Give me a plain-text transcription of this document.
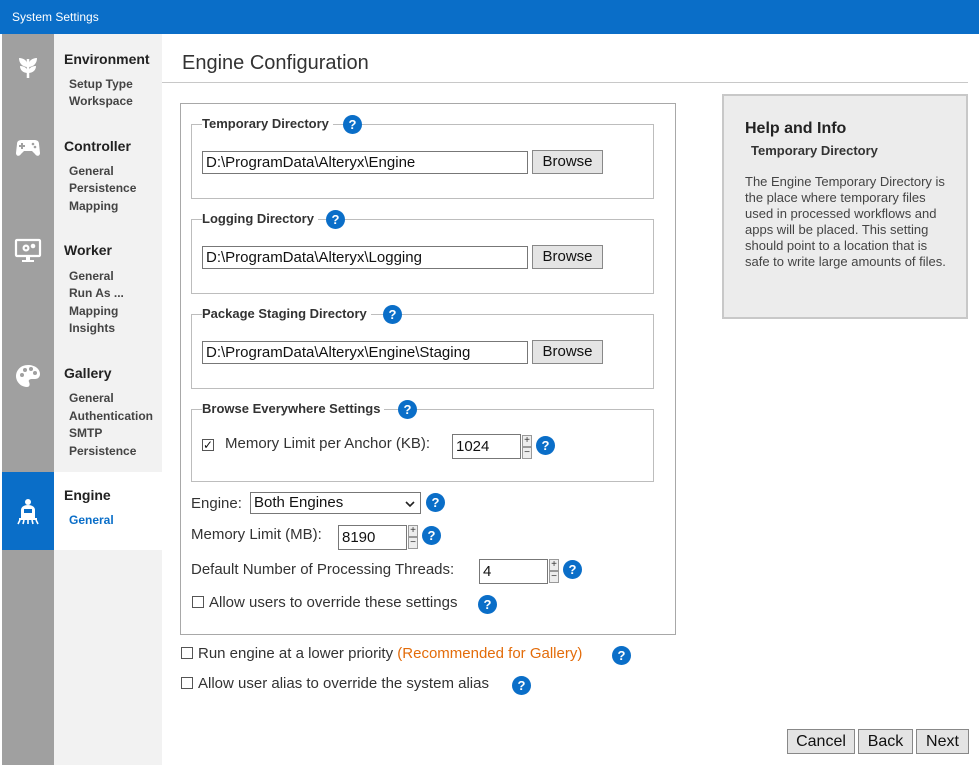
System Settings
Environment
Setup Type
Workspace
Controller
General
Persistence
Mapping
Worker
General
Run As ...
Mapping
Insights
Gallery
General
Authentication
SMTP
Persistence
Engine
General
Engine Configuration
Temporary Directory	?
D:\ProgramData\Alteryx\Engine	Browse
Logging Directory	?
D:\ProgramData\Alteryx\Logging	Browse
Package Staging Directory	?
D:\ProgramData\Alteryx\Engine\Staging	Browse
Browse Everywhere Settings	?
✓ Memory Limit per Anchor (KB): 1024	+
− ?
Engine: Both Engines	?
Memory Limit (MB): 8190	+
− ?
Default Number of Processing Threads: 4	+
− ?
Allow users to override these settings	?
Run engine at a lower priority (Recommended for Gallery)	?
Allow user alias to override the system alias	?
Help and Info
Temporary Directory
The Engine Temporary Directory is the place where temporary files used in processed workflows and apps will be placed. This setting should point to a location that is safe to write large amounts of files.
Cancel	Back	Next
